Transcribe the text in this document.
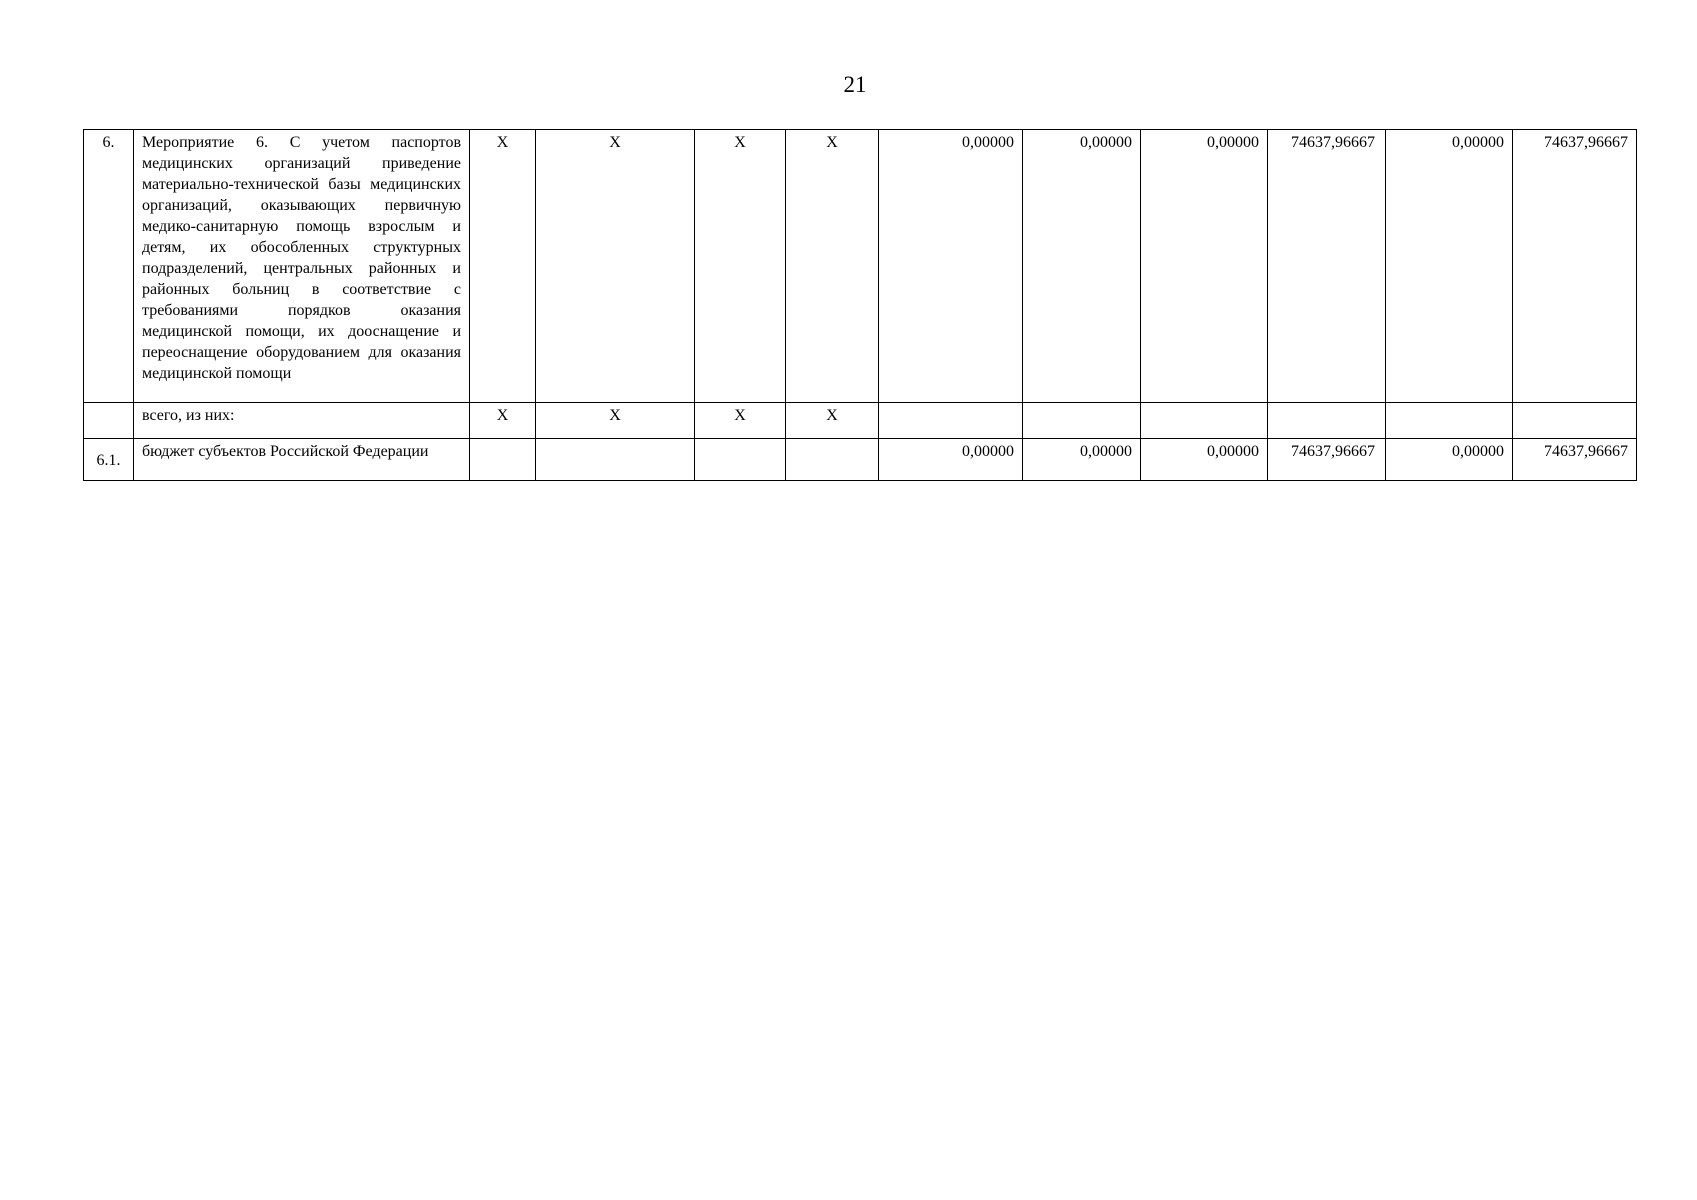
21
6.	Мероприятие 6. С учетом паспортов медицинских организаций приведение материально-технической базы медицинских организаций, оказывающих первичную медико-санитарную помощь взрослым и детям, их обособленных структурных подразделений, центральных районных и районных больниц в соответствие с требованиями порядков оказания медицинской помощи, их дооснащение и переоснащение оборудованием для оказания медицинской помощи	X	X	X	X	0,00000	0,00000	0,00000	74637,96667	0,00000	74637,96667
	всего, из них:	X	X	X	X						
6.1.	бюджет субъектов Российской Федерации					0,00000	0,00000	0,00000	74637,96667	0,00000	74637,96667
